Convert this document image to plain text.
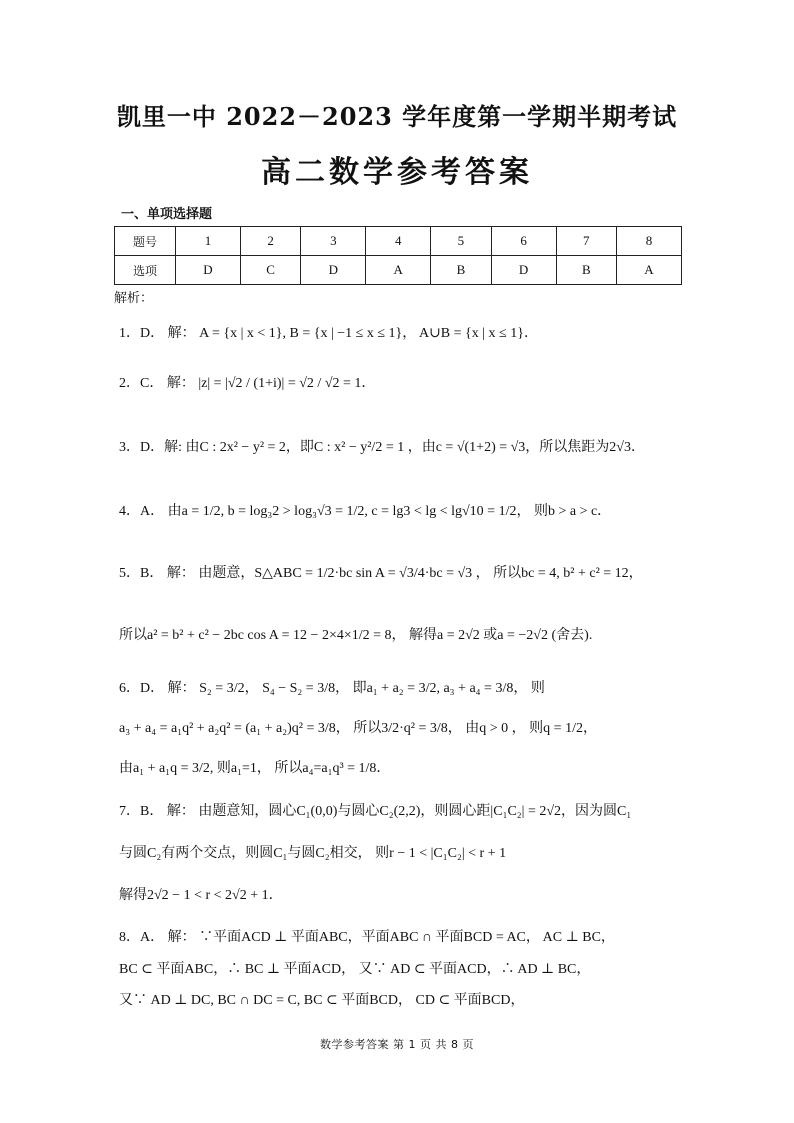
凯里一中 2022－2023 学年度第一学期半期考试
高二数学参考答案
一、单项选择题
题号	1	2	3	4	5	6	7	8
选项	D	C	D	A	B	D	B	A
解析：
1．D． 解： A = {x | x < 1}, B = {x | −1 ≤ x ≤ 1}， A∪B = {x | x ≤ 1}．
2．C． 解： |z| = |√2 / (1+i)| = √2 / √2 = 1．
3．D．解: 由C : 2x² − y² = 2，即C : x² − y²/2 = 1 ，由c = √(1+2) = √3，所以焦距为2√3．
4．A． 由a = 1/2, b = log₃2 > log₃√3 = 1/2, c = lg3 < lg < lg√10 = 1/2， 则b > a > c．
5．B． 解： 由题意，S△ABC = 1/2·bc sin A = √3/4·bc = √3 ， 所以bc = 4, b² + c² = 12，
所以a² = b² + c² − 2bc cos A = 12 − 2×4×1/2 = 8， 解得a = 2√2 或a = −2√2 (舍去).
6．D． 解： S₂ = 3/2， S₄ − S₂ = 3/8， 即a₁ + a₂ = 3/2, a₃ + a₄ = 3/8， 则
a₃ + a₄ = a₁q² + a₂q² = (a₁ + a₂)q² = 3/8， 所以3/2·q² = 3/8， 由q > 0 ， 则q = 1/2，
由a₁ + a₁q = 3/2, 则a₁=1， 所以a₄=a₁q³ = 1/8．
7．B． 解： 由题意知，圆心C₁(0,0)与圆心C₂(2,2)，则圆心距|C₁C₂| = 2√2，因为圆C₁
与圆C₂有两个交点，则圆C₁与圆C₂相交， 则r − 1 < |C₁C₂| < r + 1
解得2√2 − 1 < r < 2√2 + 1．
8．A． 解： ∵平面ACD ⊥ 平面ABC，平面ABC ∩ 平面BCD = AC， AC ⊥ BC，
BC ⊂ 平面ABC，∴ BC ⊥ 平面ACD， 又∵ AD ⊂ 平面ACD，∴ AD ⊥ BC，
又∵ AD ⊥ DC, BC ∩ DC = C, BC ⊂ 平面BCD， CD ⊂ 平面BCD，
数学参考答案 第 1 页 共 8 页
